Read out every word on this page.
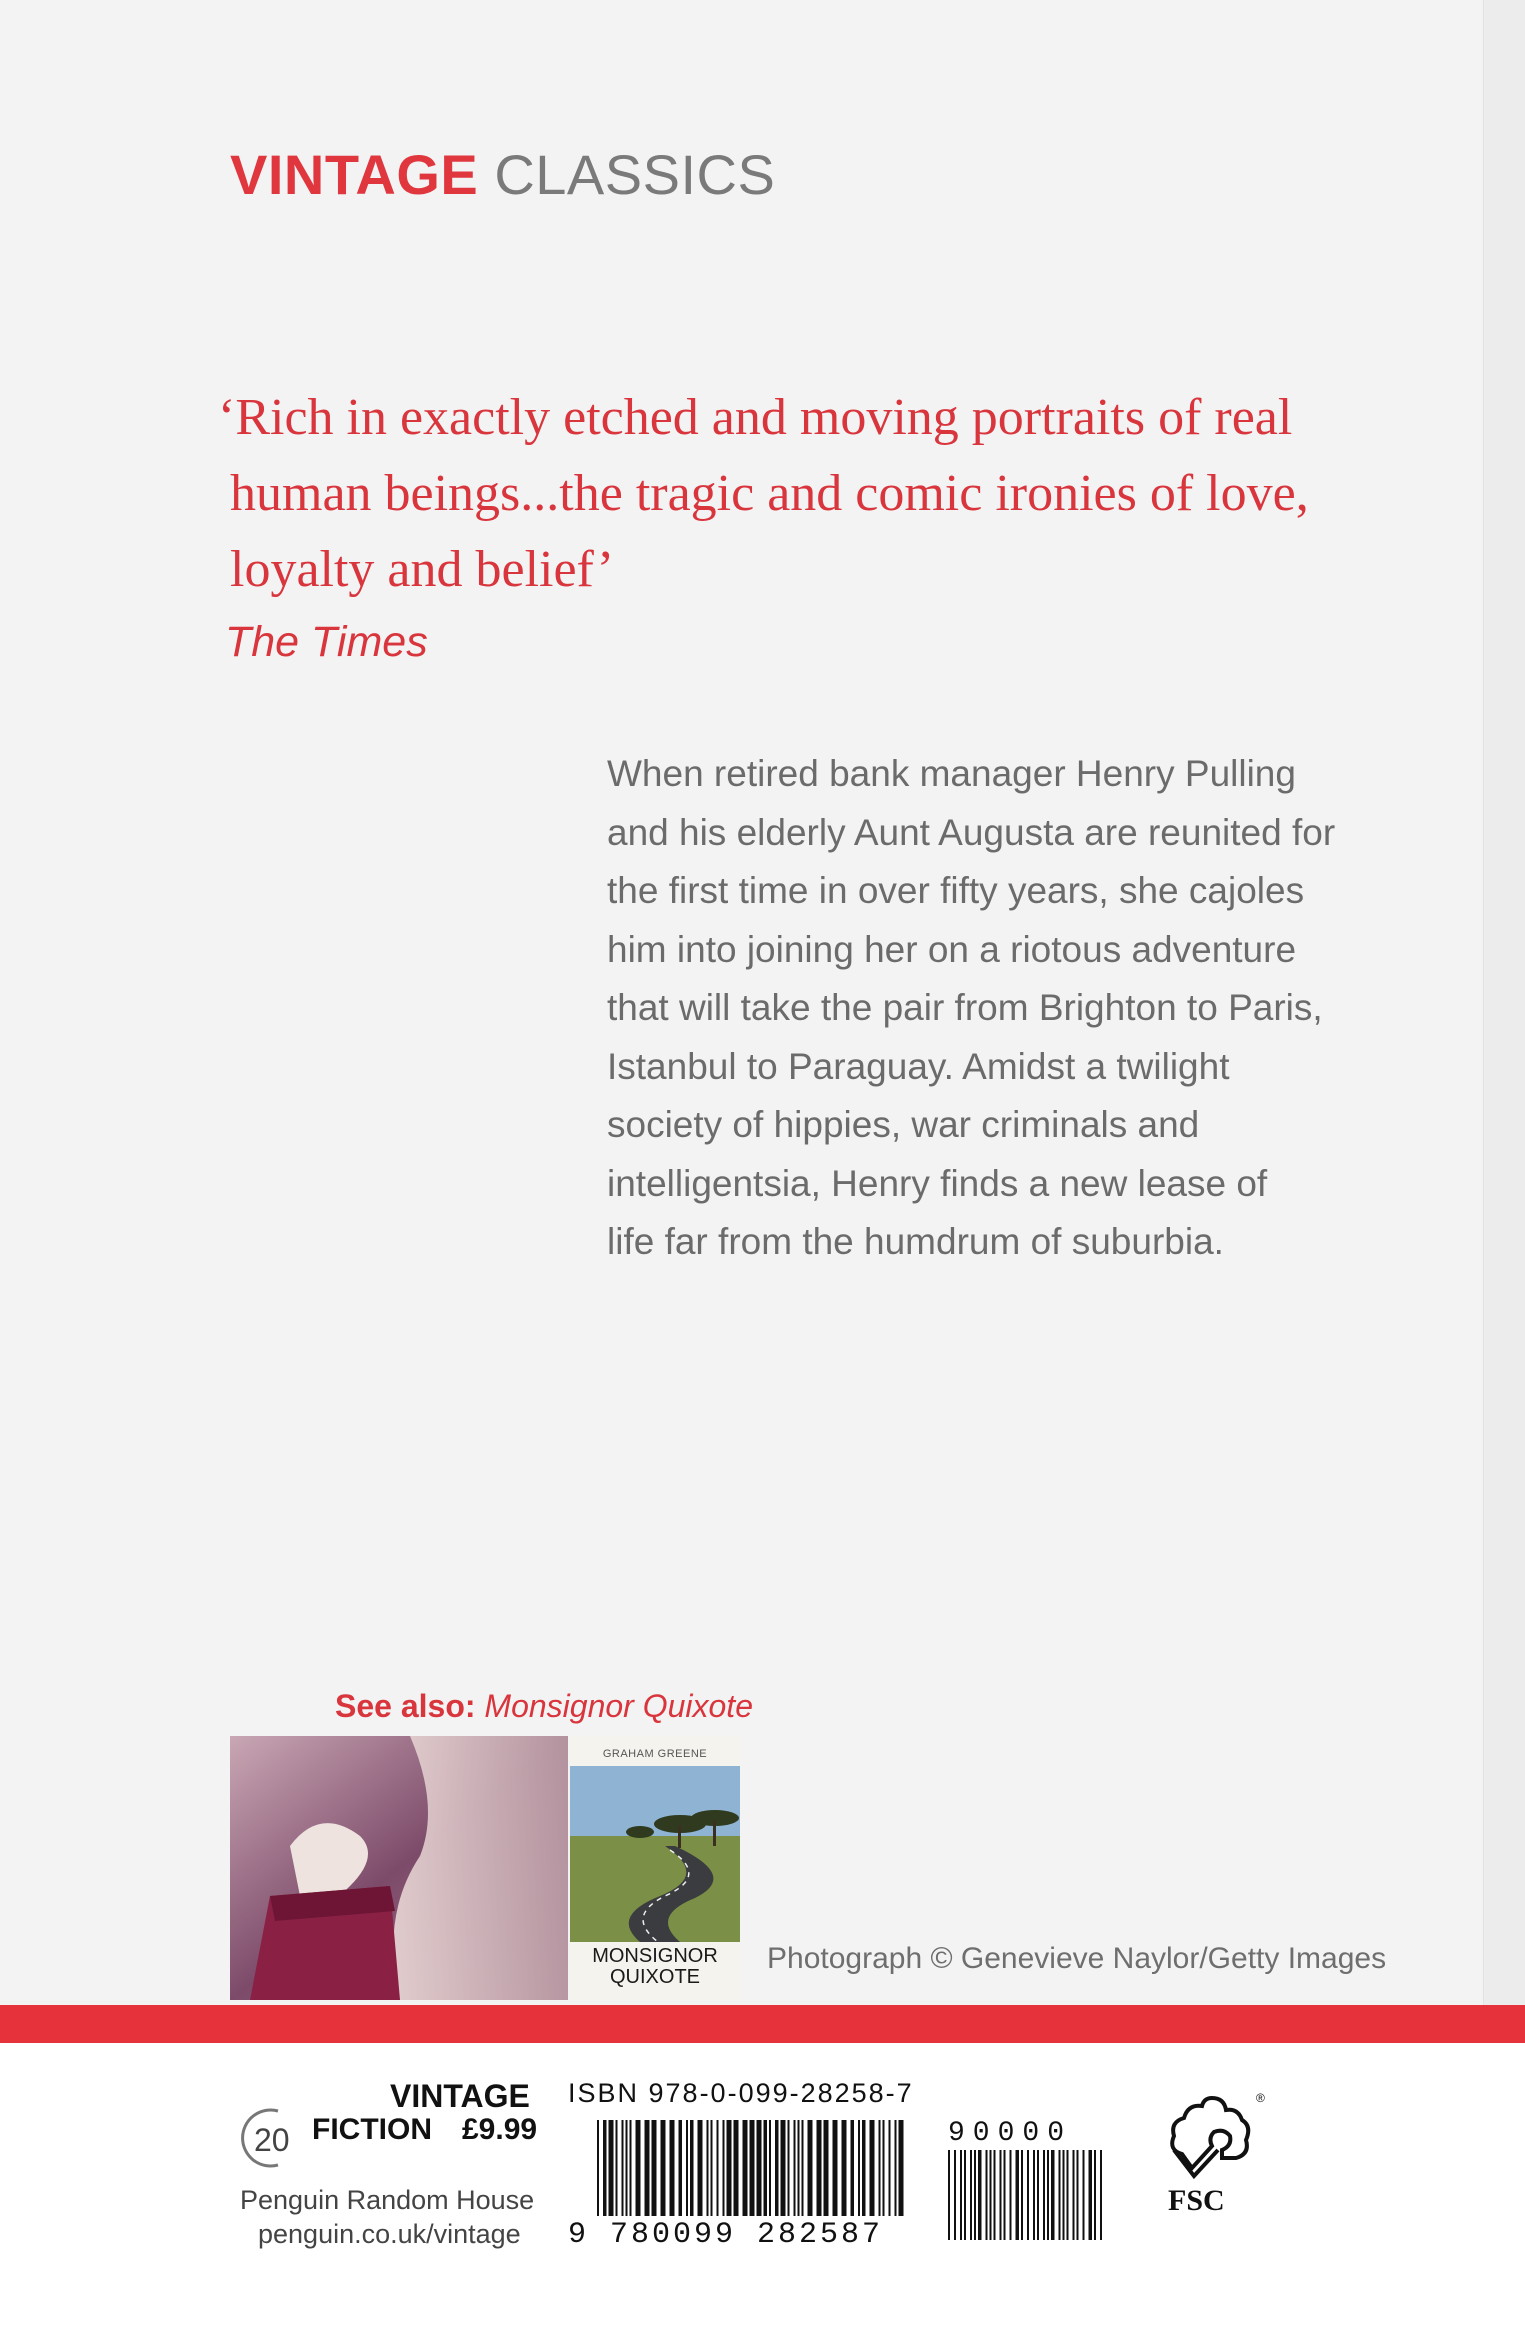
VINTAGE CLASSICS
‘Rich in exactly etched and moving portraits of real
human beings...the tragic and comic ironies of love,
loyalty and belief’
The Times
When retired bank manager Henry Pulling
and his elderly Aunt Augusta are reunited for
the first time in over fifty years, she cajoles
him into joining her on a riotous adventure
that will take the pair from Brighton to Paris,
Istanbul to Paraguay. Amidst a twilight
society of hippies, war criminals and
intelligentsia, Henry finds a new lease of
life far from the humdrum of suburbia.
See also: Monsignor Quixote
GRAHAM GREENE
MONSIGNOR
QUIXOTE
Photograph © Genevieve Naylor/Getty Images
VINTAGE
20 FICTION £9.99
Penguin Random House
penguin.co.uk/vintage
ISBN 978-0-099-28258-7
9 780099 282587
90000
®
FSC
